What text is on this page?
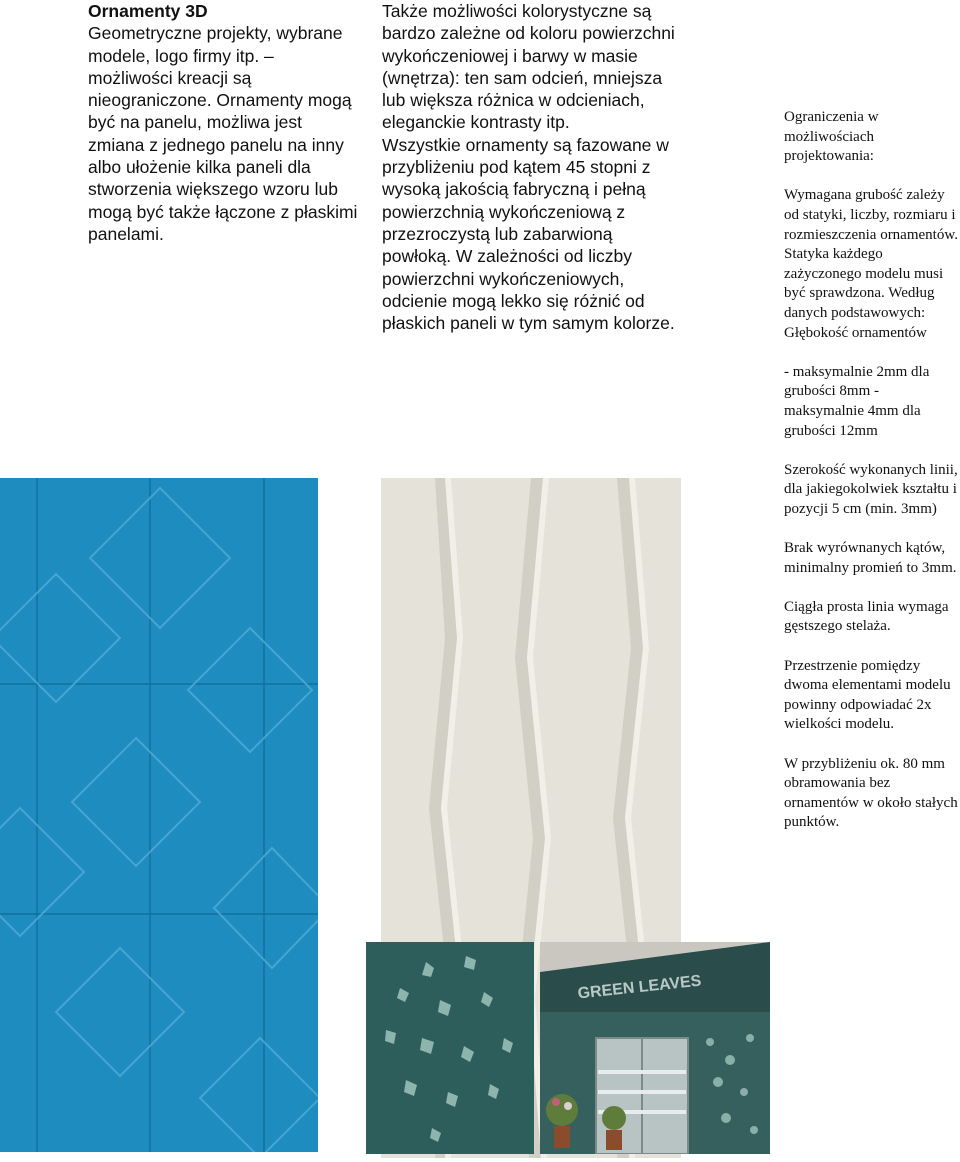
Ornamenty 3D
Geometryczne projekty, wybrane modele, logo firmy itp. – możliwości kreacji są nieograniczone. Ornamenty mogą być na panelu, możliwa jest zmiana z jednego panelu na inny albo ułożenie kilka paneli dla stworzenia większego wzoru lub mogą być także łączone z płaskimi panelami.

Także możliwości kolorystyczne są bardzo zależne od koloru powierzchni wykończeniowej i barwy w masie (wnętrza): ten sam odcień, mniejsza lub większa różnica w odcieniach, eleganckie kontrasty itp.

Wszystkie ornamenty są fazowane w przybliżeniu pod kątem 45 stopni z wysoką jakością fabryczną i pełną powierzchnią wykończeniową z przezroczystą lub zabarwioną powłoką. W zależności od liczby powierzchni wykończeniowych, odcienie mogą lekko się różnić od płaskich paneli w tym samym kolorze.

Ograniczenia w możliwościach projektowania:

Wymagana grubość zależy od statyki, liczby, rozmiaru i rozmieszczenia ornamentów. Statyka każdego zażyczonego modelu musi być sprawdzona. Według danych podstawowych: Głębokość ornamentów

- maksymalnie 2mm dla grubości 8mm - maksymalnie 4mm dla grubości 12mm

Szerokość wykonanych linii, dla jakiegokolwiek kształtu i pozycji 5 cm (min. 3mm)

Brak wyrównanych kątów, minimalny promień to 3mm.

Ciągła prosta linia wymaga gęstszego stelaża.

Przestrzenie pomiędzy dwoma elementami modelu powinny odpowiadać 2x wielkości modelu.

W przybliżeniu ok. 80 mm obramowania bez ornamentów w około stałych punktów.

GREEN LEAVES
